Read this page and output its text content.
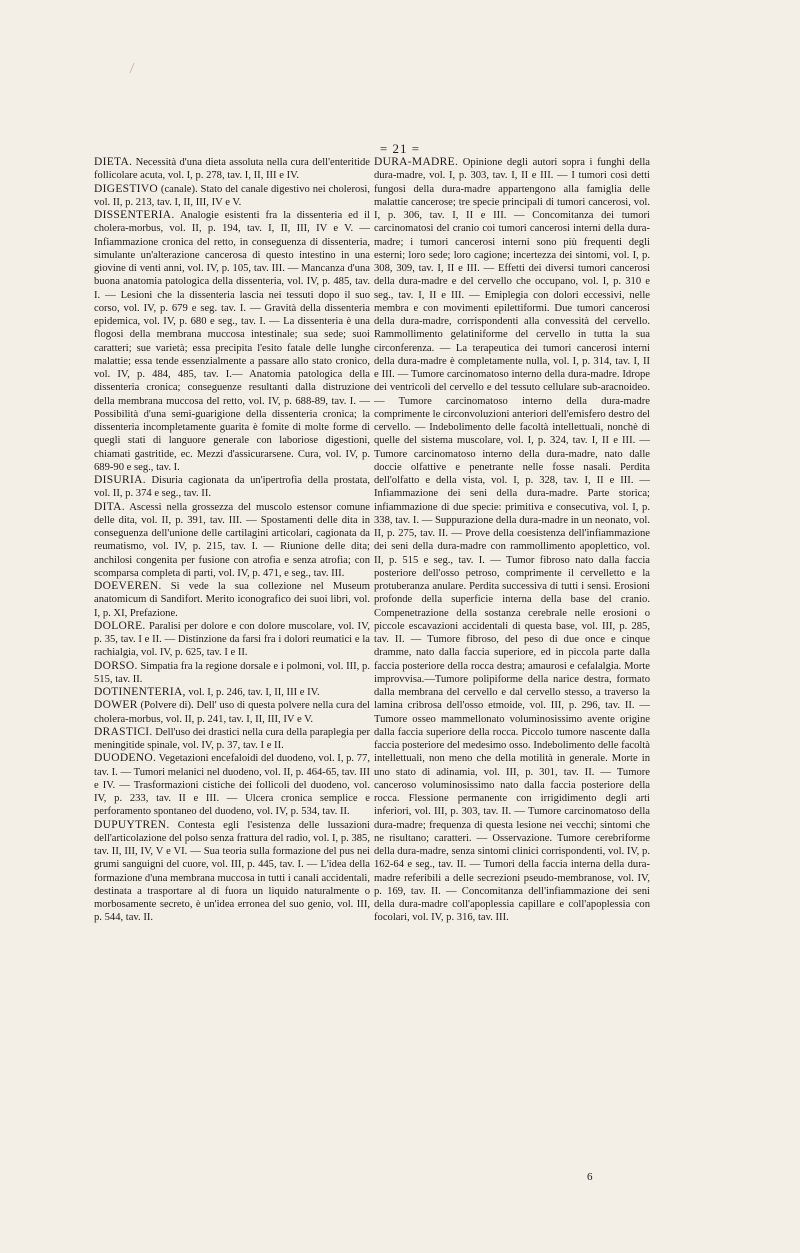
= 21 =
DIETA. Necessità d'una dieta assoluta nella cura dell'enteritide follicolare acuta, vol. I, p. 278, tav. I, II, III e IV.
DIGESTIVO (canale). Stato del canale digestivo nei cholerosi, vol. II, p. 213, tav. I, II, III, IV e V.
DISSENTERIA. Analogie esistenti fra la dissenteria ed il cholera-morbus, vol. II, p. 194, tav. I, II, III, IV e V. — Infiammazione cronica del retto, in conseguenza di dissenteria, simulante un'alterazione cancerosa di questo intestino in una giovine di venti anni, vol. IV, p. 105, tav. III. — Mancanza d'una buona anatomia patologica della dissenteria, vol. IV, p. 485, tav. I. — Lesioni che la dissenteria lascia nei tessuti dopo il suo corso, vol. IV, p. 679 e seg. tav. I. — Gravità della dissenteria epidemica, vol. IV, p. 680 e seg., tav. I. — La dissenteria è una flogosi della membrana muccosa intestinale; sua sede; suoi caratteri; sue varietà; essa precipita l'esito fatale delle lunghe malattie; essa tende essenzialmente a passare allo stato cronico, vol. IV, p. 484, 485, tav. I.— Anatomia patologica della dissenteria cronica; conseguenze resultanti dalla distruzione della membrana muccosa del retto, vol. IV, p. 688-89, tav. I. — Possibilità d'una semi-guarigione della dissenteria cronica; la dissenteria incompletamente guarita è fomite di molte forme di quegli stati di languore generale con laboriose digestioni, chiamati gastritide, ec. Mezzi d'assicurarsene. Cura, vol. IV, p. 689-90 e seg., tav. I.
DISURIA. Disuria cagionata da un'ipertrofia della prostata, vol. II, p. 374 e seg., tav. II.
DITA. Ascessi nella grossezza del muscolo estensor comune delle dita, vol. II, p. 391, tav. III. — Spostamenti delle dita in conseguenza dell'unione delle cartilagini articolari, cagionata da reumatismo, vol. IV, p. 215, tav. I. — Riunione delle dita; anchilosi congenita per fusione con atrofia e senza atrofia; con scomparsa completa di parti, vol. IV, p. 471, e seg., tav. III.
DOEVEREN. Si vede la sua collezione nel Museum anatomicum di Sandifort. Merito iconografico dei suoi libri, vol. I, p. XI, Prefazione.
DOLORE. Paralisi per dolore e con dolore muscolare, vol. IV, p. 35, tav. I e II. — Distinzione da farsi fra i dolori reumatici e la rachialgia, vol. IV, p. 625, tav. I e II.
DORSO. Simpatia fra la regione dorsale e i polmoni, vol. III, p. 515, tav. II.
DOTINENTERIA, vol. I, p. 246, tav. I, II, III e IV.
DOWER (Polvere di). Dell' uso di questa polvere nella cura del cholera-morbus, vol. II, p. 241, tav. I, II, III, IV e V.
DRASTICI. Dell'uso dei drastici nella cura della paraplegia per meningitide spinale, vol. IV, p. 37, tav. I e II.
DUODENO. Vegetazioni encefaloidi del duodeno, vol. I, p. 77, tav. I. — Tumori melanici nel duodeno, vol. II, p. 464-65, tav. III e IV. — Trasformazioni cistiche dei follicoli del duodeno, vol. IV, p. 233, tav. II e III. — Ulcera cronica semplice e perforamento spontaneo del duodeno, vol. IV, p. 534, tav. II.
DUPUYTREN. Contesta egli l'esistenza delle lussazioni dell'articolazione del polso senza frattura del radio, vol. I, p. 385, tav. II, III, IV, V e VI. — Sua teoria sulla formazione del pus nei grumi sanguigni del cuore, vol. III, p. 445, tav. I. — L'idea della formazione d'una membrana muccosa in tutti i canali accidentali, destinata a trasportare al di fuora un liquido naturalmente o morbosamente secreto, è un'idea erronea del suo genio, vol. III, p. 544, tav. II.
DURA-MADRE. Opinione degli autori sopra i funghi della dura-madre, vol. I, p. 303, tav. I, II e III. — I tumori così detti fungosi della dura-madre appartengono alla famiglia delle malattie cancerose; tre specie principali di tumori cancerosi, vol. I, p. 306, tav. I, II e III. — Concomitanza dei tumori carcinomatosi del cranio coi tumori cancerosi interni della dura-madre; i tumori cancerosi interni sono più frequenti degli esterni; loro sede; loro cagione; incertezza dei sintomi, vol. I, p. 308, 309, tav. I, II e III. — Effetti dei diversi tumori cancerosi della dura-madre e del cervello che occupano, vol. I, p. 310 e seg., tav. I, II e III. — Emiplegia con dolori eccessivi, nelle membra e con movimenti epilettiformi. Due tumori cancerosi della dura-madre, corrispondenti alla convessità del cervello. Rammollimento gelatiniforme del cervello in tutta la sua circonferenza. — La terapeutica dei tumori cancerosi interni della dura-madre è completamente nulla, vol. I, p. 314, tav. I, II e III. — Tumore carcinomatoso interno della dura-madre. Idrope dei ventricoli del cervello e del tessuto cellulare sub-aracnoideo. — Tumore carcinomatoso interno della dura-madre comprimente le circonvoluzioni anteriori dell'emisfero destro del cervello. — Indebolimento delle facoltà intellettuali, nonchè di quelle del sistema muscolare, vol. I, p. 324, tav. I, II e III. — Tumore carcinomatoso interno della dura-madre, nato dalle doccie olfattive e penetrante nelle fosse nasali. Perdita dell'olfatto e della vista, vol. I, p. 328, tav. I, II e III. — Infiammazione dei seni della dura-madre. Parte storica; infiammazione di due specie: primitiva e consecutiva, vol. I, p. 338, tav. I. — Suppurazione della dura-madre in un neonato, vol. II, p. 275, tav. II. — Prove della coesistenza dell'infiammazione dei seni della dura-madre con rammollimento apoplettico, vol. II, p. 515 e seg., tav. I. — Tumor fibroso nato dalla faccia posteriore dell'osso petroso, comprimente il cervelletto e la protuberanza anulare. Perdita successiva di tutti i sensi. Erosioni profonde della superficie interna della base del cranio. Compenetrazione della sostanza cerebrale nelle erosioni o piccole escavazioni accidentali di questa base, vol. III, p. 285, tav. II. — Tumore fibroso, del peso di due once e cinque dramme, nato dalla faccia superiore, ed in piccola parte dalla faccia posteriore della rocca destra; amaurosi e cefalalgia. Morte improvvisa.—Tumore polipiforme della narice destra, formato dalla membrana del cervello e dal cervello stesso, a traverso la lamina cribrosa dell'osso etmoide, vol. III, p. 296, tav. II. — Tumore osseo mammellonato voluminosissimo avente origine dalla faccia superiore della rocca. Piccolo tumore nascente dalla faccia posteriore del medesimo osso. Indebolimento delle facoltà intellettuali, non meno che della motilità in generale. Morte in uno stato di adinamia, vol. III, p. 301, tav. II. — Tumore canceroso voluminosissimo nato dalla faccia posteriore della rocca. Flessione permanente con irrigidimento degli arti inferiori, vol. III, p. 303, tav. II. — Tumore carcinomatoso della dura-madre; frequenza di questa lesione nei vecchi; sintomi che ne risultano; caratteri. — Osservazione. Tumore cerebriforme della dura-madre, senza sintomi clinici corrispondenti, vol. IV, p. 162-64 e seg., tav. II. — Tumori della faccia interna della dura-madre referibili a delle secrezioni pseudo-membranose, vol. IV, p. 169, tav. II. — Concomitanza dell'infiammazione dei seni della dura-madre coll'apoplessia capillare e coll'apoplessia con focolari, vol. IV, p. 316, tav. III.
6
